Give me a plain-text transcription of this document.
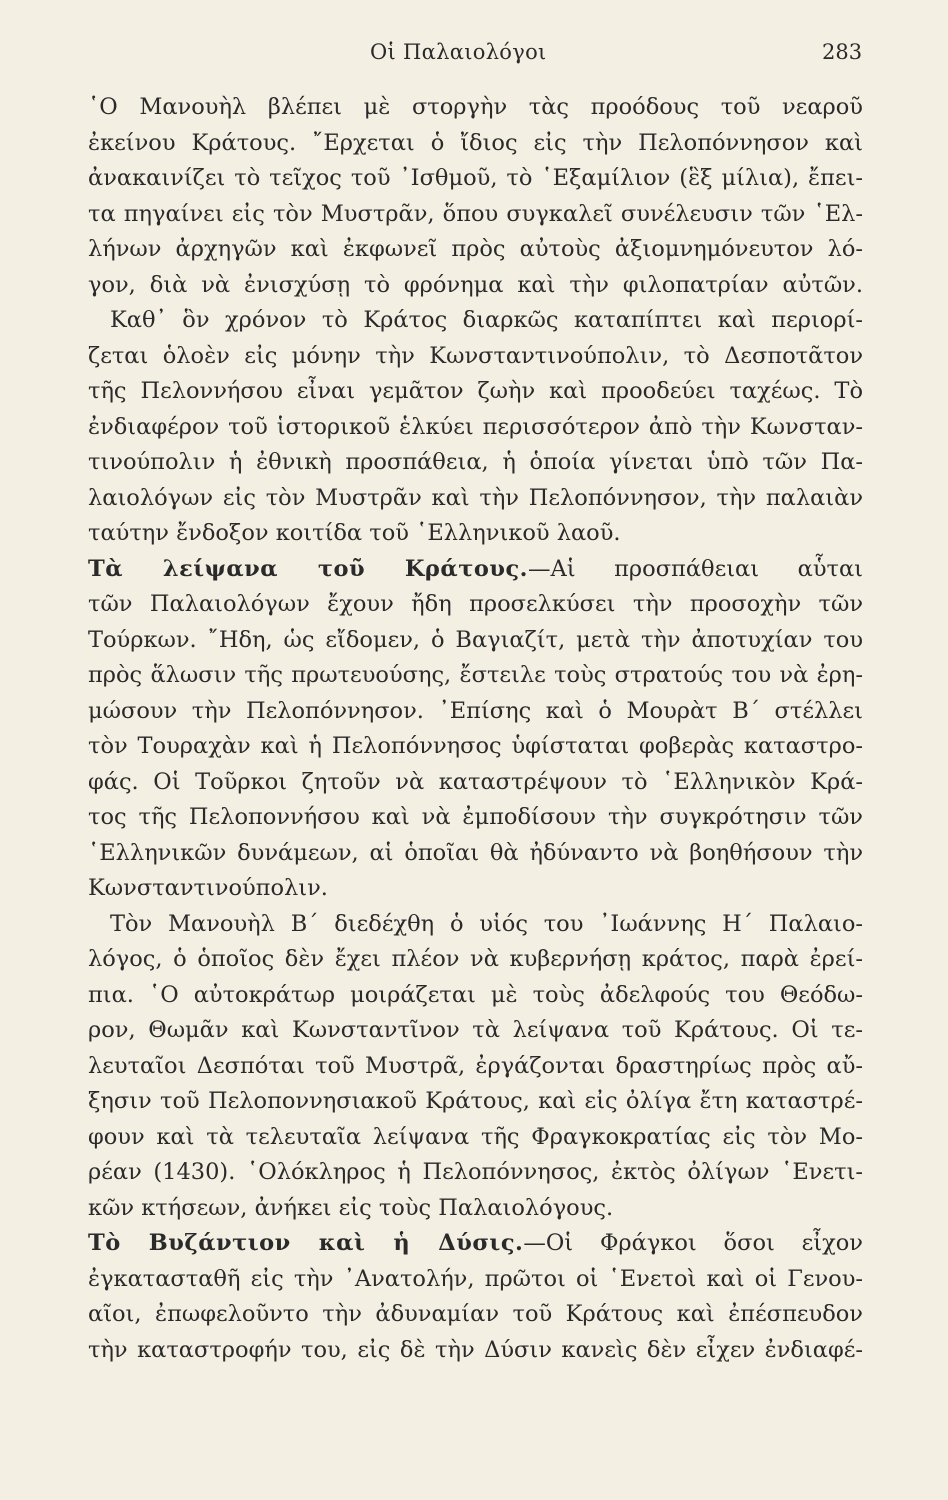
Οἱ Παλαιολόγοι	283
῾Ο Μανουὴλ βλέπει μὲ στοργὴν τὰς προόδους τοῦ νεαροῦ
ἐκείνου Κράτους. ῎Ερχεται ὁ ἴδιος εἰς τὴν Πελοπόννησον καὶ
ἀνακαινίζει τὸ τεῖχος τοῦ ᾿Ισθμοῦ, τὸ ῾Εξαμίλιον (ἓξ μίλια), ἔπει-
τα πηγαίνει εἰς τὸν Μυστρᾶν, ὅπου συγκαλεῖ συνέλευσιν τῶν ῾Ελ-
λήνων ἀρχηγῶν καὶ ἐκφωνεῖ πρὸς αὐτοὺς ἀξιομνημόνευτον λό-
γον, διὰ νὰ ἐνισχύσῃ τὸ φρόνημα καὶ τὴν φιλοπατρίαν αὐτῶν.
Καθ᾿ ὃν χρόνον τὸ Κράτος διαρκῶς καταπίπτει καὶ περιορί-
ζεται ὁλοὲν εἰς μόνην τὴν Κωνσταντινούπολιν, τὸ Δεσποτᾶτον
τῆς Πελοννήσου εἶναι γεμᾶτον ζωὴν καὶ προοδεύει ταχέως. Τὸ
ἐνδιαφέρον τοῦ ἱστορικοῦ ἑλκύει περισσότερον ἀπὸ τὴν Κωνσταν-
τινούπολιν ἡ ἐθνικὴ προσπάθεια, ἡ ὁποία γίνεται ὑπὸ τῶν Πα-
λαιολόγων εἰς τὸν Μυστρᾶν καὶ τὴν Πελοπόννησον, τὴν παλαιὰν
ταύτην ἔνδοξον κοιτίδα τοῦ ῾Ελληνικοῦ λαοῦ.
Τὰ λείψανα τοῦ Κράτους.—Αἱ προσπάθειαι αὗται
τῶν Παλαιολόγων ἔχουν ἤδη προσελκύσει τὴν προσοχὴν τῶν
Τούρκων. ῎Ηδη, ὡς εἴδομεν, ὁ Βαγιαζίτ, μετὰ τὴν ἀποτυχίαν του
πρὸς ἅλωσιν τῆς πρωτευούσης, ἔστειλε τοὺς στρατούς του νὰ ἐρη-
μώσουν τὴν Πελοπόννησον. ᾿Επίσης καὶ ὁ Μουρὰτ Β´ στέλλει
τὸν Τουραχὰν καὶ ἡ Πελοπόννησος ὑφίσταται φοβερὰς καταστρο-
φάς. Οἱ Τοῦρκοι ζητοῦν νὰ καταστρέψουν τὸ ῾Ελληνικὸν Κρά-
τος τῆς Πελοποννήσου καὶ νὰ ἐμποδίσουν τὴν συγκρότησιν τῶν
῾Ελληνικῶν δυνάμεων, αἱ ὁποῖαι θὰ ἠδύναντο νὰ βοηθήσουν τὴν
Κωνσταντινούπολιν.
Τὸν Μανουὴλ Β´ διεδέχθη ὁ υἱός του ᾿Ιωάννης Η´ Παλαιο-
λόγος, ὁ ὁποῖος δὲν ἔχει πλέον νὰ κυβερνήσῃ κράτος, παρὰ ἐρεί-
πια. ῾Ο αὐτοκράτωρ μοιράζεται μὲ τοὺς ἀδελφούς του Θεόδω-
ρον, Θωμᾶν καὶ Κωνσταντῖνον τὰ λείψανα τοῦ Κράτους. Οἱ τε-
λευταῖοι Δεσπόται τοῦ Μυστρᾶ, ἐργάζονται δραστηρίως πρὸς αὔ-
ξησιν τοῦ Πελοποννησιακοῦ Κράτους, καὶ εἰς ὀλίγα ἔτη καταστρέ-
φουν καὶ τὰ τελευταῖα λείψανα τῆς Φραγκοκρατίας εἰς τὸν Μο-
ρέαν (1430). ῾Ολόκληρος ἡ Πελοπόννησος, ἐκτὸς ὀλίγων ῾Ενετι-
κῶν κτήσεων, ἀνήκει εἰς τοὺς Παλαιολόγους.
Τὸ Βυζάντιον καὶ ἡ Δύσις.—Οἱ Φράγκοι ὅσοι εἶχον
ἐγκατασταθῆ εἰς τὴν ᾿Ανατολήν, πρῶτοι οἱ ῾Ενετοὶ καὶ οἱ Γενου-
αῖοι, ἐπωφελοῦντο τὴν ἀδυναμίαν τοῦ Κράτους καὶ ἐπέσπευδον
τὴν καταστροφήν του, εἰς δὲ τὴν Δύσιν κανεὶς δὲν εἶχεν ἐνδιαφέ-
